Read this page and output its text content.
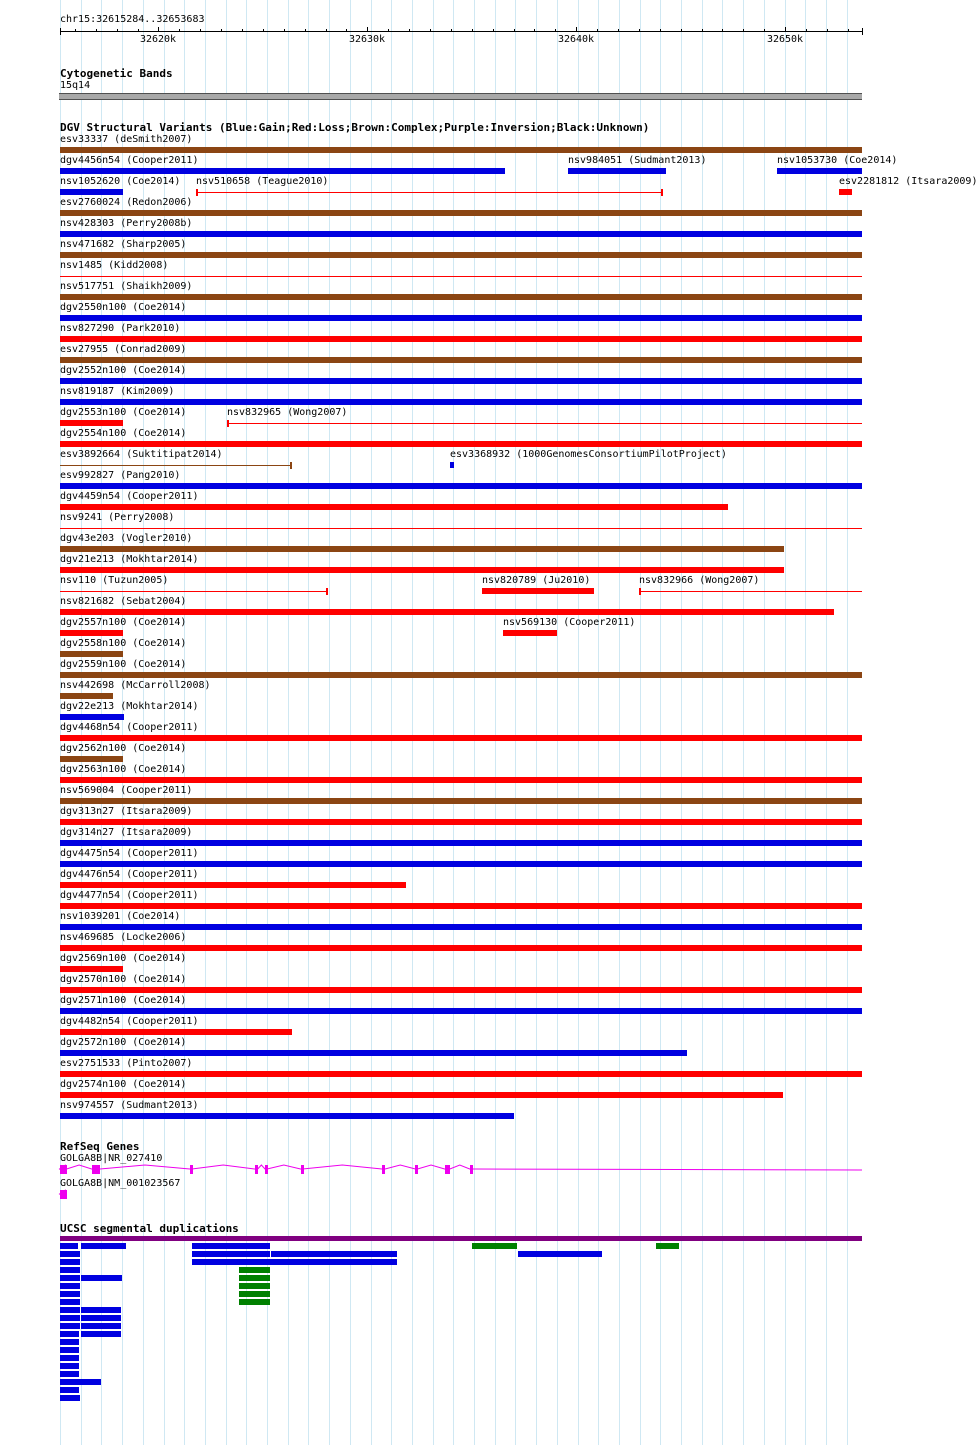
chr15:32615284..32653683
32620k	32630k	32640k	32650k
Cytogenetic Bands
15q14
DGV Structural Variants (Blue:Gain;Red:Loss;Brown:Complex;Purple:Inversion;Black:Unknown)
esv33337 (deSmith2007)
dgv4456n54 (Cooper2011)	nsv984051 (Sudmant2013)	nsv1053730 (Coe2014)
nsv1052620 (Coe2014) nsv510658 (Teague2010)	esv2281812 (Itsara2009)
esv2760024 (Redon2006)
nsv428303 (Perry2008b)
nsv471682 (Sharp2005)
nsv1485 (Kidd2008)
nsv517751 (Shaikh2009)
dgv2550n100 (Coe2014)
nsv827290 (Park2010)
esv27955 (Conrad2009)
dgv2552n100 (Coe2014)
nsv819187 (Kim2009)
dgv2553n100 (Coe2014)	nsv832965 (Wong2007)
dgv2554n100 (Coe2014)
esv3892664 (Suktitipat2014)	esv3368932 (1000GenomesConsortiumPilotProject)
esv992827 (Pang2010)
dgv4459n54 (Cooper2011)
nsv9241 (Perry2008)
dgv43e203 (Vogler2010)
dgv21e213 (Mokhtar2014)
nsv110 (Tuzun2005)	nsv820789 (Ju2010)	nsv832966 (Wong2007)
nsv821682 (Sebat2004)
dgv2557n100 (Coe2014)	nsv569130 (Cooper2011)
dgv2558n100 (Coe2014)
dgv2559n100 (Coe2014)
nsv442698 (McCarroll2008)
dgv22e213 (Mokhtar2014)
dgv4468n54 (Cooper2011)
dgv2562n100 (Coe2014)
dgv2563n100 (Coe2014)
nsv569004 (Cooper2011)
dgv313n27 (Itsara2009)
dgv314n27 (Itsara2009)
dgv4475n54 (Cooper2011)
dgv4476n54 (Cooper2011)
dgv4477n54 (Cooper2011)
nsv1039201 (Coe2014)
nsv469685 (Locke2006)
dgv2569n100 (Coe2014)
dgv2570n100 (Coe2014)
dgv2571n100 (Coe2014)
dgv4482n54 (Cooper2011)
dgv2572n100 (Coe2014)
esv2751533 (Pinto2007)
dgv2574n100 (Coe2014)
nsv974557 (Sudmant2013)
RefSeq Genes
GOLGA8B|NR_027410
GOLGA8B|NM_001023567
UCSC segmental duplications
